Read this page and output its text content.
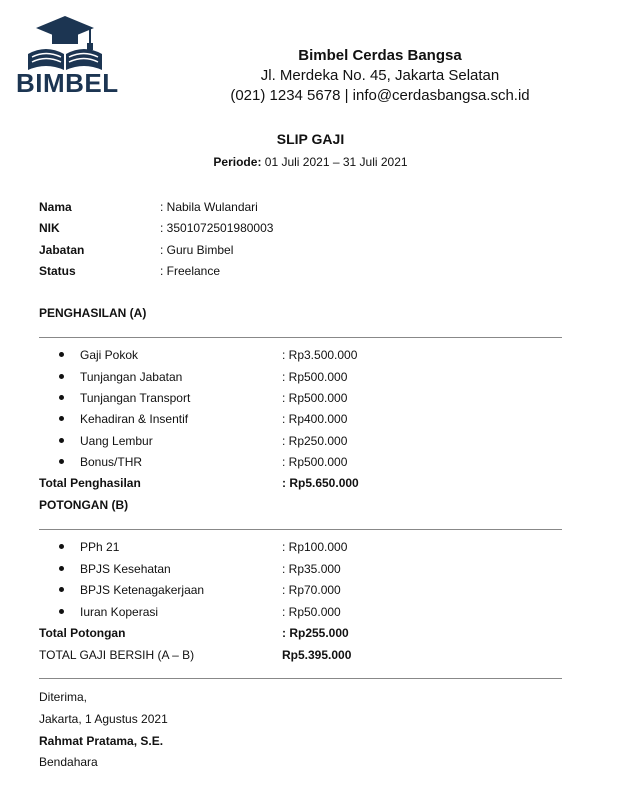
BIMBEL
Bimbel Cerdas Bangsa
Jl. Merdeka No. 45, Jakarta Selatan
(021) 1234 5678 | info@cerdasbangsa.sch.id
SLIP GAJI
Periode: 01 Juli 2021 – 31 Juli 2021
Nama	: Nabila Wulandari
NIK	: 3501072501980003
Jabatan	: Guru Bimbel
Status	: Freelance
PENGHASILAN (A)
Gaji Pokok	: Rp3.500.000
Tunjangan Jabatan	: Rp500.000
Tunjangan Transport	: Rp500.000
Kehadiran & Insentif	: Rp400.000
Uang Lembur	: Rp250.000
Bonus/THR	: Rp500.000
Total Penghasilan	: Rp5.650.000
POTONGAN (B)
PPh 21	: Rp100.000
BPJS Kesehatan	: Rp35.000
BPJS Ketenagakerjaan	: Rp70.000
Iuran Koperasi	: Rp50.000
Total Potongan	: Rp255.000
TOTAL GAJI BERSIH (A – B)	Rp5.395.000
Diterima,
Jakarta, 1 Agustus 2021
Rahmat Pratama, S.E.
Bendahara
